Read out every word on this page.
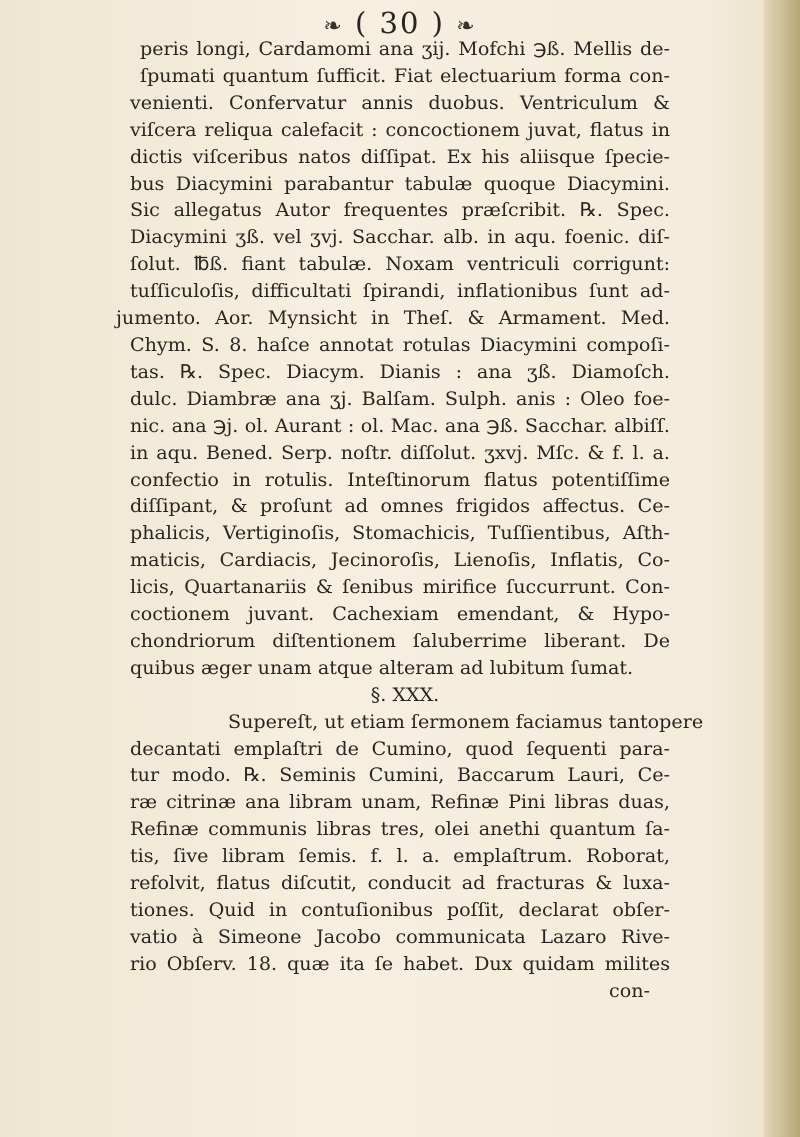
❧ ( 30 ) ❧
peris longi, Cardamomi ana ʒij. Mofchi ℈ß. Mellis de-
ſpumati quantum ſufficit. Fiat electuarium forma con-
venienti. Confervatur annis duobus. Ventriculum &
viſcera reliqua calefacit : concoctionem juvat, flatus in
dictis viſceribus natos diſſipat. Ex his aliisque ſpecie-
bus Diacymini parabantur tabulæ quoque Diacymini.
Sic allegatus Autor frequentes præſcribit. ℞. Spec.
Diacymini ʒß. vel ʒvj. Sacchar. alb. in aqu. foenic. diſ-
ſolut. ℔ß. fiant tabulæ. Noxam ventriculi corrigunt:
tuſſiculoſis, difficultati ſpirandi, inflationibus ſunt ad-
jumento. Aor. Mynsicht in Theſ. & Armament. Med.
Chym. S. 8. haſce annotat rotulas Diacymini compoſi-
tas. ℞. Spec. Diacym. Dianis : ana ʒß. Diamoſch.
dulc. Diambræ ana ʒj. Balſam. Sulph. anis : Oleo foe-
nic. ana ℈j. ol. Aurant : ol. Mac. ana ℈ß. Sacchar. albiſſ.
in aqu. Bened. Serp. noſtr. diſſolut. ʒxvj. Mſc. & f. l. a.
confectio in rotulis. Inteſtinorum flatus potentiſſime
diſſipant, & proſunt ad omnes frigidos affectus. Ce-
phalicis, Vertiginoſis, Stomachicis, Tuſſientibus, Aſth-
maticis, Cardiacis, Jecinoroſis, Lienoſis, Inflatis, Co-
licis, Quartanariis & ſenibus mirifice ſuccurrunt. Con-
coctionem juvant. Cachexiam emendant, & Hypo-
chondriorum diſtentionem ſaluberrime liberant. De
quibus æger unam atque alteram ad lubitum ſumat.
§. XXX.
Supereſt, ut etiam ſermonem faciamus tantopere
decantati emplaſtri de Cumino, quod ſequenti para-
tur modo. ℞. Seminis Cumini, Baccarum Lauri, Ce-
ræ citrinæ ana libram unam, Refinæ Pini libras duas,
Refinæ communis libras tres, olei anethi quantum ſa-
tis, ſive libram ſemis. f. l. a. emplaſtrum. Roborat,
refolvit, flatus diſcutit, conducit ad fracturas & luxa-
tiones. Quid in contuſionibus poſſit, declarat obſer-
vatio à Simeone Jacobo communicata Lazaro Rive-
rio Obſerv. 18. quæ ita ſe habet. Dux quidam milites
con-
